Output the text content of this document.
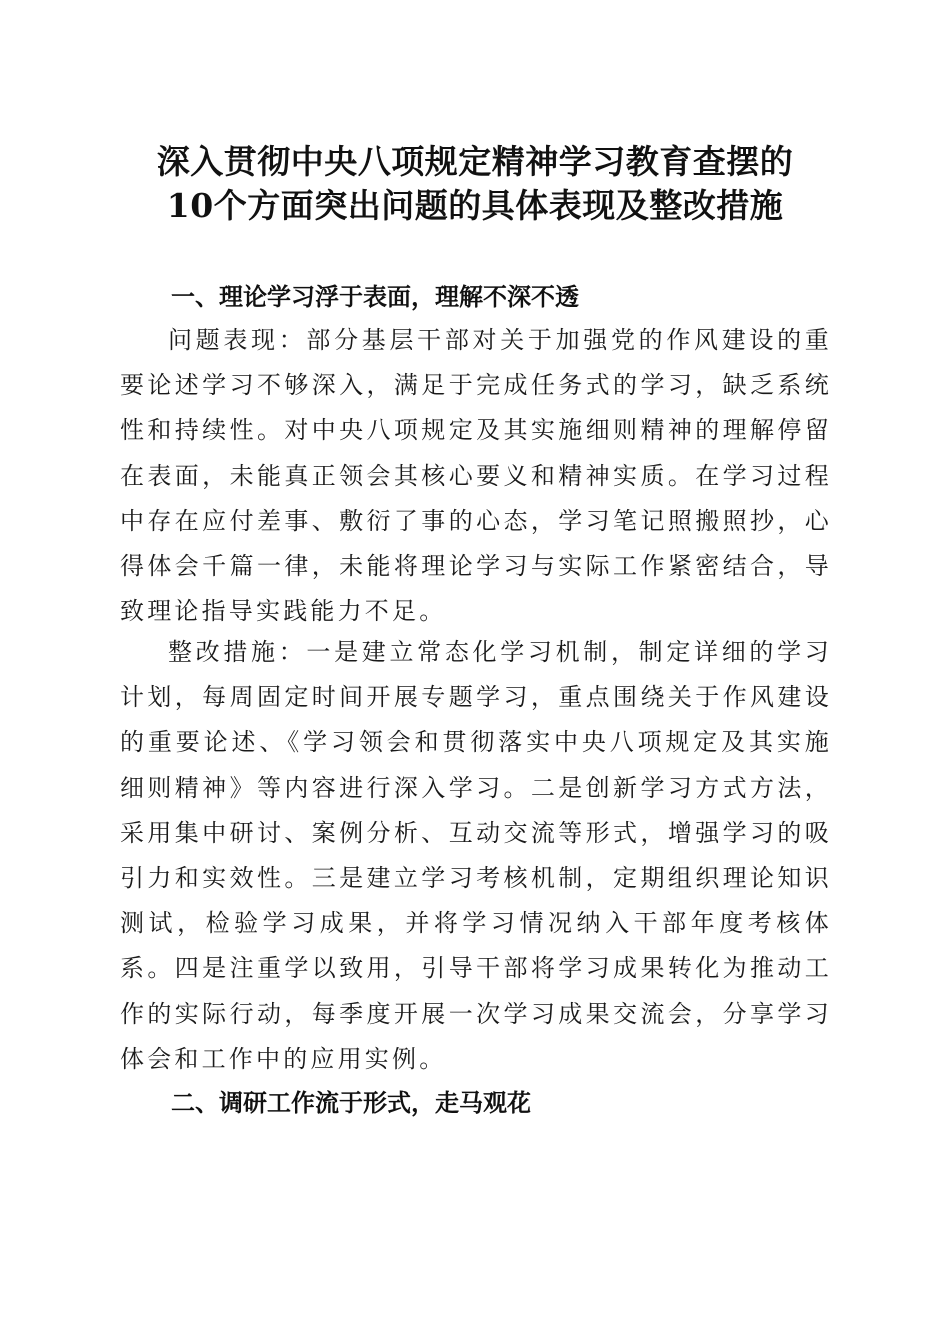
深入贯彻中央八项规定精神学习教育查摆的
10个方面突出问题的具体表现及整改措施
一、理论学习浮于表面，理解不深不透

问题表现：部分基层干部对关于加强党的作风建设的重要论述学习不够深入，满足于完成任务式的学习，缺乏系统性和持续性。对中央八项规定及其实施细则精神的理解停留在表面，未能真正领会其核心要义和精神实质。在学习过程中存在应付差事、敷衍了事的心态，学习笔记照搬照抄，心得体会千篇一律，未能将理论学习与实际工作紧密结合，导致理论指导实践能力不足。

整改措施：一是建立常态化学习机制，制定详细的学习计划，每周固定时间开展专题学习，重点围绕关于作风建设的重要论述、《学习领会和贯彻落实中央八项规定及其实施细则精神》等内容进行深入学习。二是创新学习方式方法，采用集中研讨、案例分析、互动交流等形式，增强学习的吸引力和实效性。三是建立学习考核机制，定期组织理论知识测试，检验学习成果，并将学习情况纳入干部年度考核体系。四是注重学以致用，引导干部将学习成果转化为推动工作的实际行动，每季度开展一次学习成果交流会，分享学习体会和工作中的应用实例。

二、调研工作流于形式，走马观花
